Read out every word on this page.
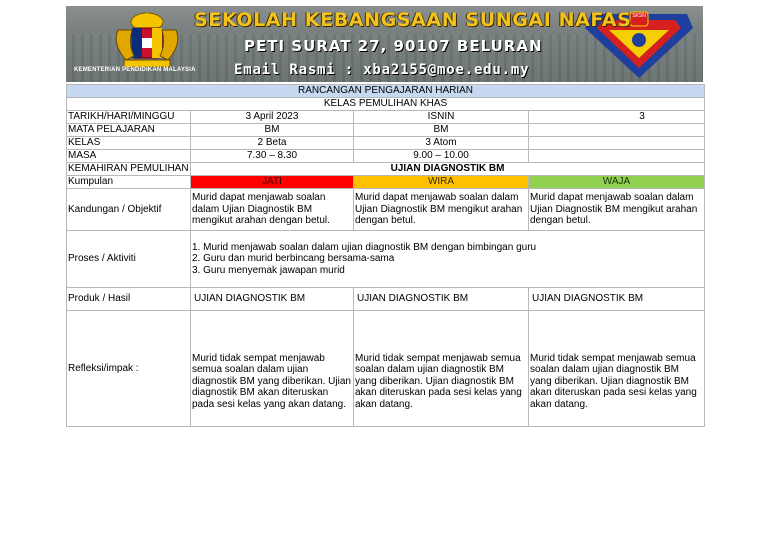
SKSN
SEKOLAH KEBANGSAAN SUNGAI NAFAS
PETI SURAT 27, 90107 BELURAN
Email Rasmi : xba2155@moe.edu.my
KEMENTERIAN PENDIDIKAN MALAYSIA
RANCANGAN PENGAJARAN HARIAN			
KELAS PEMULIHAN KHAS			
TARIKH/HARI/MINGGU	3 April 2023	ISNIN	3
MATA PELAJARAN	BM	BM	
KELAS	2 Beta	3 Atom	
MASA	7.30 – 8.30	9.00 – 10.00	
KEMAHIRAN PEMULIHAN	UJIAN DIAGNOSTIK BM		
Kumpulan	JATI	WIRA	WAJA
Kandungan / Objektif	Murid dapat menjawab soalan dalam Ujian Diagnostik BM mengikut arahan dengan betul.	Murid dapat menjawab soalan dalam Ujian Diagnostik BM mengikut arahan dengan betul.	Murid dapat menjawab soalan dalam Ujian Diagnostik BM mengikut arahan dengan betul.
Proses / Aktiviti	1. Murid menjawab soalan dalam ujian diagnostik BM dengan bimbingan guru
2. Guru dan murid berbincang bersama-sama
3. Guru menyemak jawapan murid		

Produk / Hasil	UJIAN DIAGNOSTIK BM	UJIAN DIAGNOSTIK BM	UJIAN DIAGNOSTIK BM
Refleksi/impak :	Murid tidak sempat menjawab semua soalan dalam ujian diagnostik BM yang diberikan. Ujian diagnostik BM akan diteruskan pada sesi kelas yang akan datang.	Murid tidak sempat menjawab semua soalan dalam ujian diagnostik BM yang diberikan. Ujian diagnostik BM akan diteruskan pada sesi kelas yang akan datang.	Murid tidak sempat menjawab semua soalan dalam ujian diagnostik BM yang diberikan. Ujian diagnostik BM akan diteruskan pada sesi kelas yang akan datang.
